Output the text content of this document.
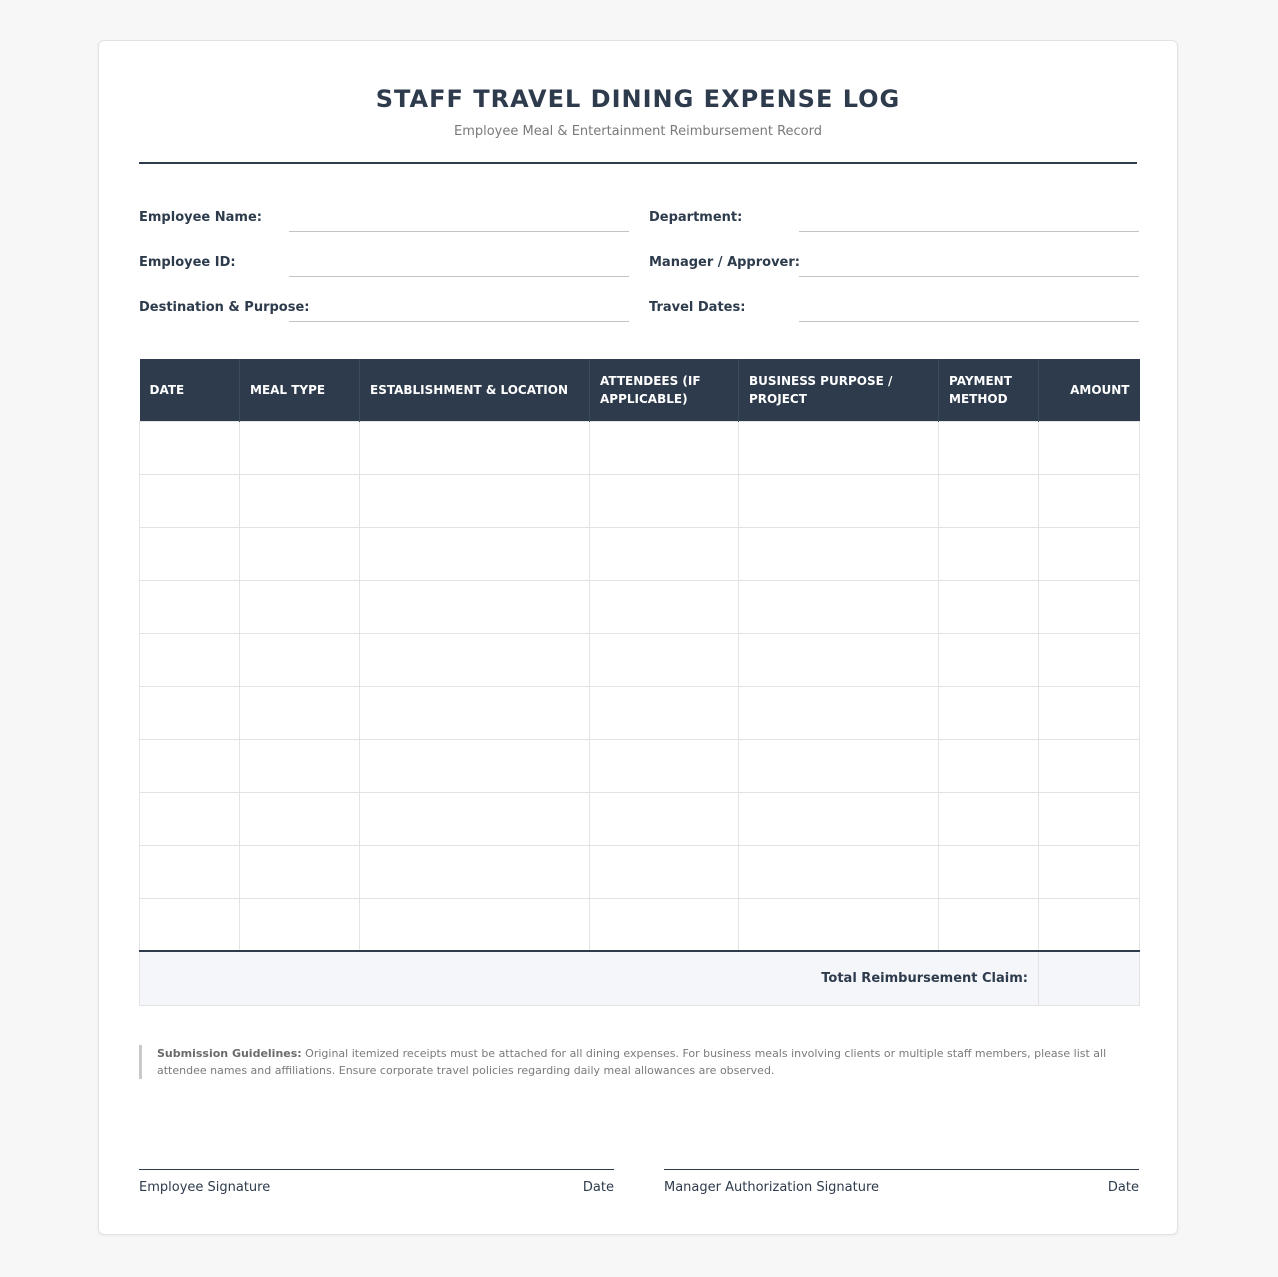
STAFF TRAVEL DINING EXPENSE LOG
Employee Meal & Entertainment Reimbursement Record
Employee Name:	Department:
Employee ID:	Manager / Approver:
Destination & Purpose:	Travel Dates:
DATE	MEAL TYPE	ESTABLISHMENT & LOCATION	ATTENDEES (IF APPLICABLE)	BUSINESS PURPOSE / PROJECT	PAYMENT METHOD	AMOUNT

Total Reimbursement Claim:						
Submission Guidelines: Original itemized receipts must be attached for all dining expenses. For business meals involving clients or multiple staff members, please list all attendee names and affiliations. Ensure corporate travel policies regarding daily meal allowances are observed.
Employee Signature	Date	Manager Authorization Signature	Date
